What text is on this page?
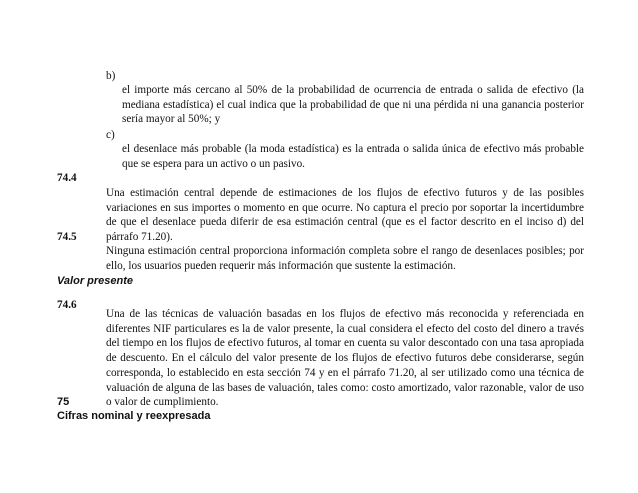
b)
el importe más cercano al 50% de la probabilidad de ocurrencia de entrada o salida de efectivo (la mediana estadística) el cual indica que la probabilidad de que ni una pérdida ni una ganancia posterior sería mayor al 50%; y
c)
el desenlace más probable (la moda estadística) es la entrada o salida única de efectivo más probable que se espera para un activo o un pasivo.
74.4
Una estimación central depende de estimaciones de los flujos de efectivo futuros y de las posibles variaciones en sus importes o momento en que ocurre. No captura el precio por soportar la incertidumbre de que el desenlace pueda diferir de esa estimación central (que es el factor descrito en el inciso d) del párrafo 71.20).
74.5
Ninguna estimación central proporciona información completa sobre el rango de desenlaces posibles; por ello, los usuarios pueden requerir más información que sustente la estimación.
Valor presente
74.6
Una de las técnicas de valuación basadas en los flujos de efectivo más reconocida y referenciada en diferentes NIF particulares es la de valor presente, la cual considera el efecto del costo del dinero a través del tiempo en los flujos de efectivo futuros, al tomar en cuenta su valor descontado con una tasa apropiada de descuento. En el cálculo del valor presente de los flujos de efectivo futuros debe considerarse, según corresponda, lo establecido en esta sección 74 y en el párrafo 71.20, al ser utilizado como una técnica de valuación de alguna de las bases de valuación, tales como: costo amortizado, valor razonable, valor de uso o valor de cumplimiento.
75
Cifras nominal y reexpresada
